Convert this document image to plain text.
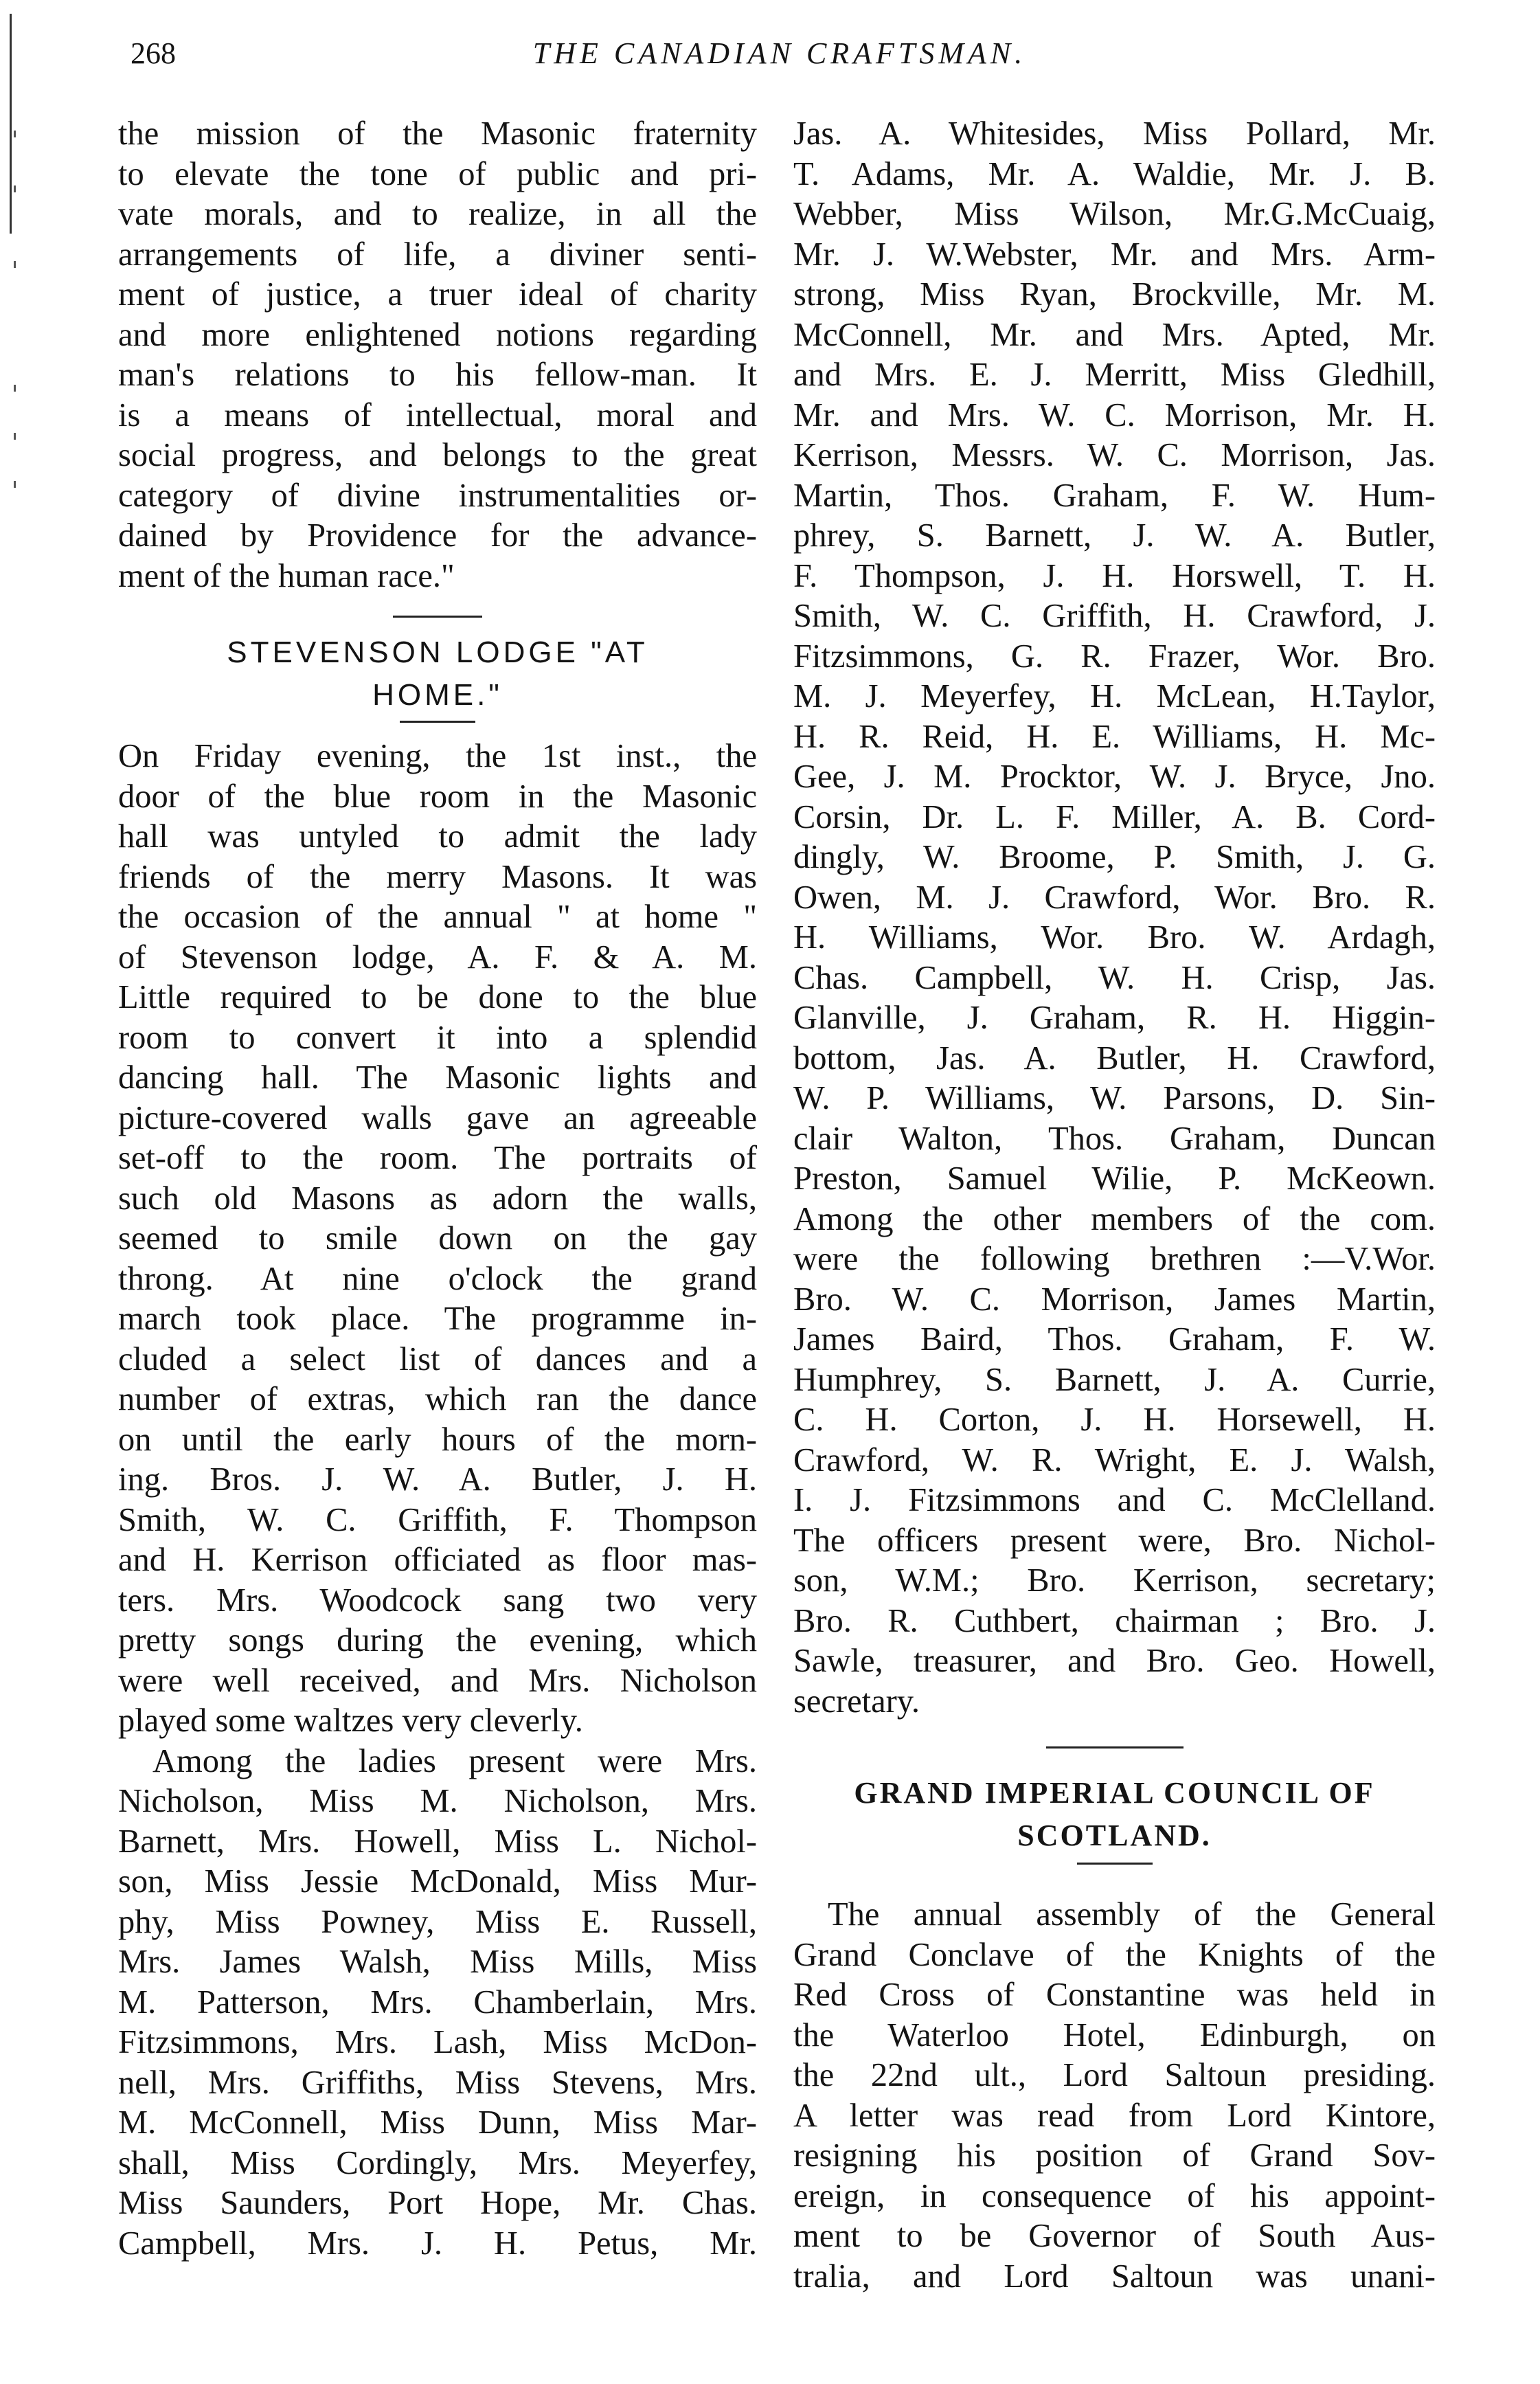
268	THE CANADIAN CRAFTSMAN.
the mission of the Masonic fraternity
to elevate the tone of public and pri-
vate morals, and to realize, in all the
arrangements of life, a diviner senti-
ment of justice, a truer ideal of charity
and more enlightened notions regarding
man's relations to his fellow-man. It
is a means of intellectual, moral and
social progress, and belongs to the great
category of divine instrumentalities or-
dained by Providence for the advance-
ment of the human race."
STEVENSON LODGE "AT
HOME."
On Friday evening, the 1st inst., the
door of the blue room in the Masonic
hall was untyled to admit the lady
friends of the merry Masons. It was
the occasion of the annual " at home "
of Stevenson lodge, A. F. & A. M.
Little required to be done to the blue
room to convert it into a splendid
dancing hall. The Masonic lights and
picture-covered walls gave an agreeable
set-off to the room. The portraits of
such old Masons as adorn the walls,
seemed to smile down on the gay
throng. At nine o'clock the grand
march took place. The programme in-
cluded a select list of dances and a
number of extras, which ran the dance
on until the early hours of the morn-
ing. Bros. J. W. A. Butler, J. H.
Smith, W. C. Griffith, F. Thompson
and H. Kerrison officiated as floor mas-
ters. Mrs. Woodcock sang two very
pretty songs during the evening, which
were well received, and Mrs. Nicholson
played some waltzes very cleverly.
Among the ladies present were Mrs.
Nicholson, Miss M. Nicholson, Mrs.
Barnett, Mrs. Howell, Miss L. Nichol-
son, Miss Jessie McDonald, Miss Mur-
phy, Miss Powney, Miss E. Russell,
Mrs. James Walsh, Miss Mills, Miss
M. Patterson, Mrs. Chamberlain, Mrs.
Fitzsimmons, Mrs. Lash, Miss McDon-
nell, Mrs. Griffiths, Miss Stevens, Mrs.
M. McConnell, Miss Dunn, Miss Mar-
shall, Miss Cordingly, Mrs. Meyerfey,
Miss Saunders, Port Hope, Mr. Chas.
Campbell, Mrs. J. H. Petus, Mr.
Jas. A. Whitesides, Miss Pollard, Mr.
T. Adams, Mr. A. Waldie, Mr. J. B.
Webber, Miss Wilson, Mr.G.McCuaig,
Mr. J. W.Webster, Mr. and Mrs. Arm-
strong, Miss Ryan, Brockville, Mr. M.
McConnell, Mr. and Mrs. Apted, Mr.
and Mrs. E. J. Merritt, Miss Gledhill,
Mr. and Mrs. W. C. Morrison, Mr. H.
Kerrison, Messrs. W. C. Morrison, Jas.
Martin, Thos. Graham, F. W. Hum-
phrey, S. Barnett, J. W. A. Butler,
F. Thompson, J. H. Horswell, T. H.
Smith, W. C. Griffith, H. Crawford, J.
Fitzsimmons, G. R. Frazer, Wor. Bro.
M. J. Meyerfey, H. McLean, H.Taylor,
H. R. Reid, H. E. Williams, H. Mc-
Gee, J. M. Procktor, W. J. Bryce, Jno.
Corsin, Dr. L. F. Miller, A. B. Cord-
dingly, W. Broome, P. Smith, J. G.
Owen, M. J. Crawford, Wor. Bro. R.
H. Williams, Wor. Bro. W. Ardagh,
Chas. Campbell, W. H. Crisp, Jas.
Glanville, J. Graham, R. H. Higgin-
bottom, Jas. A. Butler, H. Crawford,
W. P. Williams, W. Parsons, D. Sin-
clair Walton, Thos. Graham, Duncan
Preston, Samuel Wilie, P. McKeown.
Among the other members of the com.
were the following brethren :—V.Wor.
Bro. W. C. Morrison, James Martin,
James Baird, Thos. Graham, F. W.
Humphrey, S. Barnett, J. A. Currie,
C. H. Corton, J. H. Horsewell, H.
Crawford, W. R. Wright, E. J. Walsh,
I. J. Fitzsimmons and C. McClelland.
The officers present were, Bro. Nichol-
son, W.M.; Bro. Kerrison, secretary;
Bro. R. Cuthbert, chairman ; Bro. J.
Sawle, treasurer, and Bro. Geo. Howell,
secretary.
GRAND IMPERIAL COUNCIL OF
SCOTLAND.
The annual assembly of the General
Grand Conclave of the Knights of the
Red Cross of Constantine was held in
the Waterloo Hotel, Edinburgh, on
the 22nd ult., Lord Saltoun presiding.
A letter was read from Lord Kintore,
resigning his position of Grand Sov-
ereign, in consequence of his appoint-
ment to be Governor of South Aus-
tralia, and Lord Saltoun was unani-
